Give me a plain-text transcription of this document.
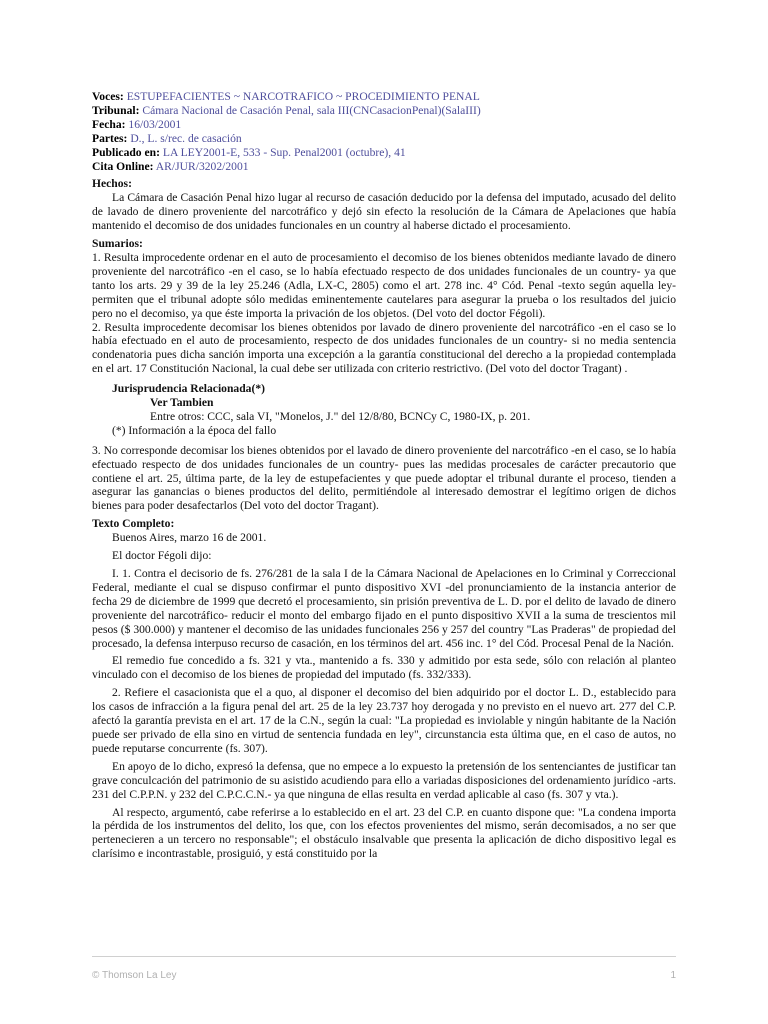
Voces: ESTUPEFACIENTES ~ NARCOTRAFICO ~ PROCEDIMIENTO PENAL
Tribunal: Cámara Nacional de Casación Penal, sala III(CNCasacionPenal)(SalaIII)
Fecha: 16/03/2001
Partes: D., L. s/rec. de casación
Publicado en: LA LEY2001-E, 533 - Sup. Penal2001 (octubre), 41
Cita Online: AR/JUR/3202/2001
Hechos:

La Cámara de Casación Penal hizo lugar al recurso de casación deducido por la defensa del imputado, acusado del delito de lavado de dinero proveniente del narcotráfico y dejó sin efecto la resolución de la Cámara de Apelaciones que había mantenido el decomiso de dos unidades funcionales en un country al haberse dictado el procesamiento.

Sumarios:
1. Resulta improcedente ordenar en el auto de procesamiento el decomiso de los bienes obtenidos mediante lavado de dinero proveniente del narcotráfico -en el caso, se lo había efectuado respecto de dos unidades funcionales de un country- ya que tanto los arts. 29 y 39 de la ley 25.246 (Adla, LX-C, 2805) como el art. 278 inc. 4° Cód. Penal -texto según aquella ley- permiten que el tribunal adopte sólo medidas eminentemente cautelares para asegurar la prueba o los resultados del juicio pero no el decomiso, ya que éste importa la privación de los objetos. (Del voto del doctor Fégoli).
2. Resulta improcedente decomisar los bienes obtenidos por lavado de dinero proveniente del narcotráfico -en el caso se lo había efectuado en el auto de procesamiento, respecto de dos unidades funcionales de un country- si no media sentencia condenatoria pues dicha sanción importa una excepción a la garantía constitucional del derecho a la propiedad contemplada en el art. 17 Constitución Nacional, la cual debe ser utilizada con criterio restrictivo. (Del voto del doctor Tragant) .
Jurisprudencia Relacionada(*)
Ver Tambien
Entre otros: CCC, sala VI, "Monelos, J." del 12/8/80, BCNCy C, 1980-IX, p. 201.
(*) Información a la época del fallo
3. No corresponde decomisar los bienes obtenidos por el lavado de dinero proveniente del narcotráfico -en el caso, se lo había efectuado respecto de dos unidades funcionales de un country- pues las medidas procesales de carácter precautorio que contiene el art. 25, última parte, de la ley de estupefacientes y que puede adoptar el tribunal durante el proceso, tienden a asegurar las ganancias o bienes productos del delito, permitiéndole al interesado demostrar el legítimo origen de dichos bienes para poder desafectarlos (Del voto del doctor Tragant).
Texto Completo:

Buenos Aires, marzo 16 de 2001.

El doctor Fégoli dijo:

I. 1. Contra el decisorio de fs. 276/281 de la sala I de la Cámara Nacional de Apelaciones en lo Criminal y Correccional Federal, mediante el cual se dispuso confirmar el punto dispositivo XVI -del pronunciamiento de la instancia anterior de fecha 29 de diciembre de 1999 que decretó el procesamiento, sin prisión preventiva de L. D. por el delito de lavado de dinero proveniente del narcotráfico- reducir el monto del embargo fijado en el punto dispositivo XVII a la suma de trescientos mil pesos ($ 300.000) y mantener el decomiso de las unidades funcionales 256 y 257 del country "Las Praderas" de propiedad del procesado, la defensa interpuso recurso de casación, en los términos del art. 456 inc. 1° del Cód. Procesal Penal de la Nación.

El remedio fue concedido a fs. 321 y vta., mantenido a fs. 330 y admitido por esta sede, sólo con relación al planteo vinculado con el decomiso de los bienes de propiedad del imputado (fs. 332/333).

2. Refiere el casacionista que el a quo, al disponer el decomiso del bien adquirido por el doctor L. D., establecido para los casos de infracción a la figura penal del art. 25 de la ley 23.737 hoy derogada y no previsto en el nuevo art. 277 del C.P. afectó la garantía prevista en el art. 17 de la C.N., según la cual: "La propiedad es inviolable y ningún habitante de la Nación puede ser privado de ella sino en virtud de sentencia fundada en ley", circunstancia esta última que, en el caso de autos, no puede reputarse concurrente (fs. 307).

En apoyo de lo dicho, expresó la defensa, que no empece a lo expuesto la pretensión de los sentenciantes de justificar tan grave conculcación del patrimonio de su asistido acudiendo para ello a variadas disposiciones del ordenamiento jurídico -arts. 231 del C.P.P.N. y 232 del C.P.C.C.N.- ya que ninguna de ellas resulta en verdad aplicable al caso (fs. 307 y vta.).

Al respecto, argumentó, cabe referirse a lo establecido en el art. 23 del C.P. en cuanto dispone que: "La condena importa la pérdida de los instrumentos del delito, los que, con los efectos provenientes del mismo, serán decomisados, a no ser que pertenecieren a un tercero no responsable"; el obstáculo insalvable que presenta la aplicación de dicho dispositivo legal es clarísimo e incontrastable, prosiguió, y está constituido por la

© Thomson La Ley	1
